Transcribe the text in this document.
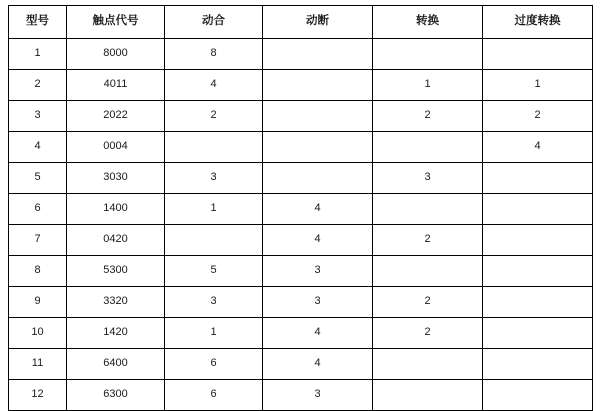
型号	触点代号	动合	动断	转换	过度转换
1	8000	8			
2	4011	4		1	1
3	2022	2		2	2
4	0004				4
5	3030	3		3	
6	1400	1	4		
7	0420		4	2	
8	5300	5	3		
9	3320	3	3	2	
10	1420	1	4	2	
11	6400	6	4		
12	6300	6	3		
